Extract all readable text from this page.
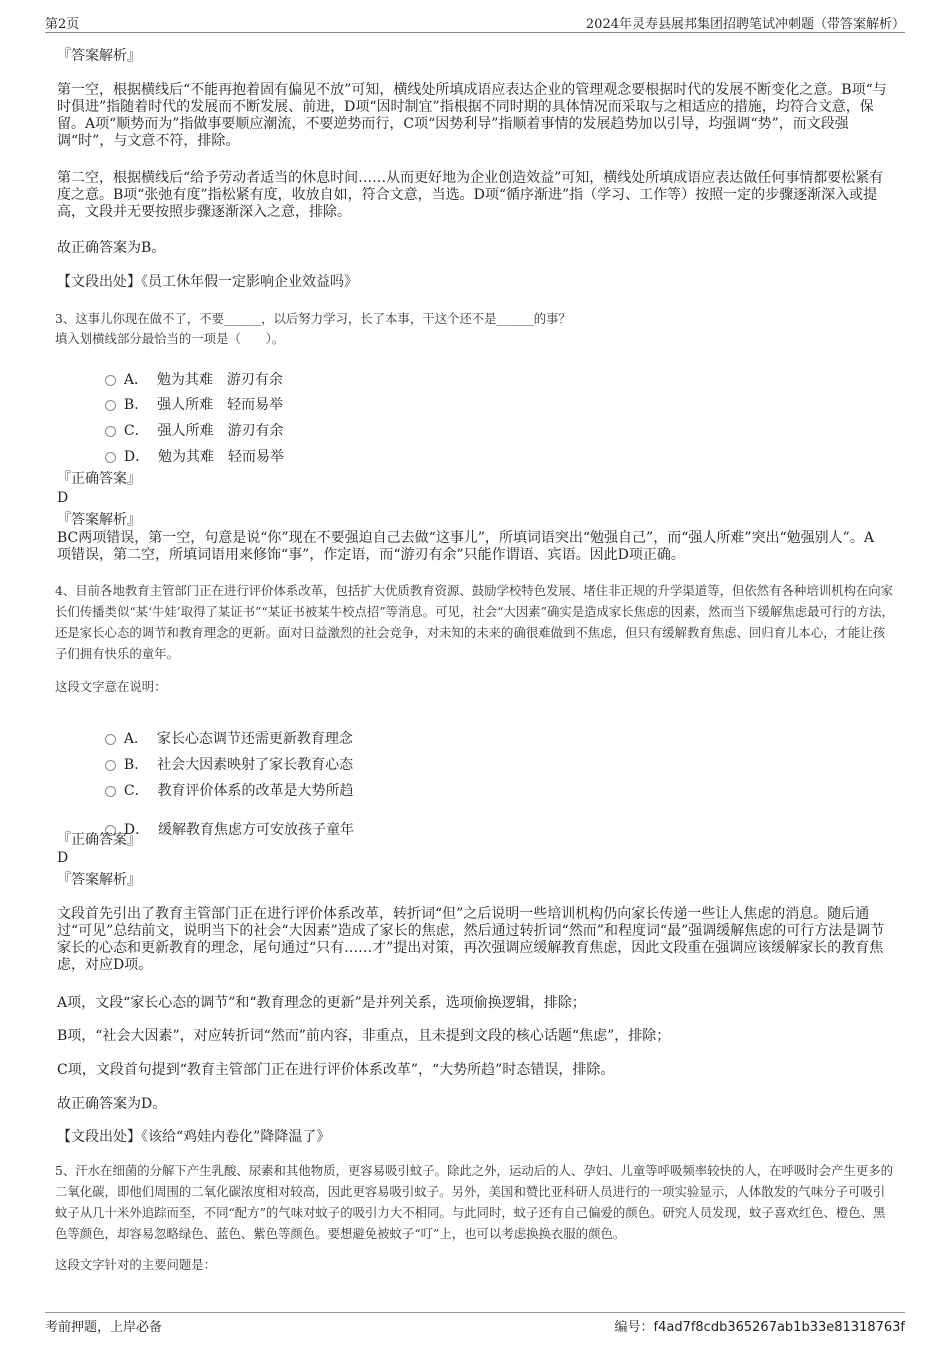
第2页	2024年灵寿县展邦集团招聘笔试冲刺题（带答案解析）
『答案解析』

第一空，根据横线后“不能再抱着固有偏见不放”可知，横线处所填成语应表达企业的管理观念要根据时代的发展不断变化之意。B项“与时俱进”指随着时代的发展而不断发展、前进，D项“因时制宜”指根据不同时期的具体情况而采取与之相适应的措施，均符合文意，保留。A项“顺势而为”指做事要顺应潮流，不要逆势而行，C项“因势利导”指顺着事情的发展趋势加以引导，均强调“势”，而文段强调“时”，与文意不符，排除。

第二空，根据横线后“给予劳动者适当的休息时间……从而更好地为企业创造效益”可知，横线处所填成语应表达做任何事情都要松紧有度之意。B项“张弛有度”指松紧有度，收放自如，符合文意，当选。D项“循序渐进”指（学习、工作等）按照一定的步骤逐渐深入或提高，文段并无要按照步骤逐渐深入之意，排除。

故正确答案为B。
【文段出处】《员工休年假一定影响企业效益吗》
3、这事儿你现在做不了，不要______，以后努力学习，长了本事，干这个还不是______的事？
填入划横线部分最恰当的一项是（　　）。

A．  勉为其难　游刃有余

B．  强人所难　轻而易举

C．  强人所难　游刃有余

D．  勉为其难　轻而易举

『正确答案』
D
『答案解析』

BC两项错误，第一空，句意是说“你”现在不要强迫自己去做“这事儿”，所填词语突出“勉强自己”，而“强人所难”突出“勉强别人”。A项错误，第二空，所填词语用来修饰“事”，作定语，而“游刃有余”只能作谓语、宾语。因此D项正确。

4、目前各地教育主管部门正在进行评价体系改革，包括扩大优质教育资源、鼓励学校特色发展、堵住非正规的升学渠道等，但依然有各种培训机构在向家长们传播类似“某‘牛娃’取得了某证书”“某证书被某牛校点招”等消息。可见，社会“大因素”确实是造成家长焦虑的因素，然而当下缓解焦虑最可行的方法，还是家长心态的调节和教育理念的更新。面对日益激烈的社会竞争，对未知的未来的确很难做到不焦虑，但只有缓解教育焦虑、回归育儿本心，才能让孩子们拥有快乐的童年。

这段文字意在说明：

A．  家长心态调节还需更新教育理念

B．  社会大因素映射了家长教育心态

C．  教育评价体系的改革是大势所趋

D．  缓解教育焦虑方可安放孩子童年

『正确答案』
D
『答案解析』

文段首先引出了教育主管部门正在进行评价体系改革，转折词“但”之后说明一些培训机构仍向家长传递一些让人焦虑的消息。随后通过“可见”总结前文，说明当下的社会“大因素”造成了家长的焦虑，然后通过转折词“然而”和程度词“最”强调缓解焦虑的可行方法是调节家长的心态和更新教育的理念，尾句通过“只有……才”提出对策，再次强调应缓解教育焦虑，因此文段重在强调应该缓解家长的教育焦虑，对应D项。

A项，文段“家长心态的调节”和“教育理念的更新”是并列关系，选项偷换逻辑，排除；
B项，“社会大因素”，对应转折词“然而”前内容，非重点，且未提到文段的核心话题“焦虑”，排除；
C项，文段首句提到“教育主管部门正在进行评价体系改革”，“大势所趋”时态错误，排除。
故正确答案为D。
【文段出处】《该给“鸡娃内卷化”降降温了》

5、汗水在细菌的分解下产生乳酸、尿素和其他物质，更容易吸引蚊子。除此之外，运动后的人、孕妇、儿童等呼吸频率较快的人，在呼吸时会产生更多的二氧化碳，即他们周围的二氧化碳浓度相对较高，因此更容易吸引蚊子。另外，美国和赞比亚科研人员进行的一项实验显示，人体散发的气味分子可吸引蚊子从几十米外追踪而至，不同“配方”的气味对蚊子的吸引力大不相同。与此同时，蚊子还有自己偏爱的颜色。研究人员发现，蚊子喜欢红色、橙色、黑色等颜色，却容易忽略绿色、蓝色、紫色等颜色。要想避免被蚊子“叮”上，也可以考虑换换衣服的颜色。

这段文字针对的主要问题是：
考前押题，上岸必备	编号：f4ad7f8cdb365267ab1b33e81318763f
